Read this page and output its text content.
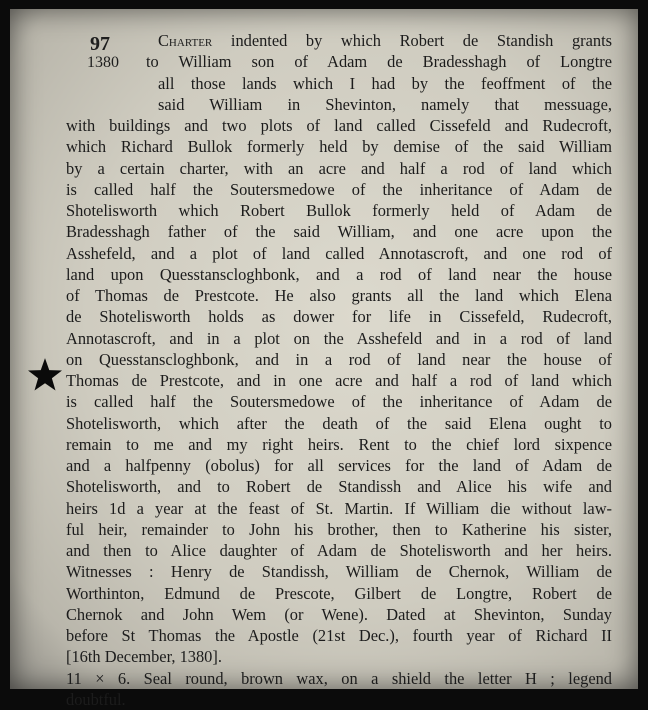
97
1380
Charter indented by which Robert de Standish grants
to William son of Adam de Bradesshagh of Longtre
all those lands which I had by the feoffment of the
said William in Shevinton, namely that messuage,
with buildings and two plots of land called Cissefeld and Rudecroft,
which Richard Bullok formerly held by demise of the said William
by a certain charter, with an acre and half a rod of land which
is called half the Soutersmedowe of the inheritance of Adam de
Shotelisworth which Robert Bullok formerly held of Adam de
Bradesshagh father of the said William, and one acre upon the
Asshefeld, and a plot of land called Annotascroft, and one rod of
land upon Quesstanscloghbonk, and a rod of land near the house
of Thomas de Prestcote. He also grants all the land which Elena
de Shotelisworth holds as dower for life in Cissefeld, Rudecroft,
Annotascroft, and in a plot on the Asshefeld and in a rod of land
on Quesstanscloghbonk, and in a rod of land near the house of
Thomas de Prestcote, and in one acre and half a rod of land which
is called half the Soutersmedowe of the inheritance of Adam de
Shotelisworth, which after the death of the said Elena ought to
remain to me and my right heirs. Rent to the chief lord sixpence
and a halfpenny (obolus) for all services for the land of Adam de
Shotelisworth, and to Robert de Standissh and Alice his wife and
heirs 1d a year at the feast of St. Martin. If William die without law-
ful heir, remainder to John his brother, then to Katherine his sister,
and then to Alice daughter of Adam de Shotelisworth and her heirs.
Witnesses : Henry de Standissh, William de Chernok, William de
Worthinton, Edmund de Prescote, Gilbert de Longtre, Robert de
Chernok and John Wem (or Wene). Dated at Shevinton, Sunday
before St Thomas the Apostle (21st Dec.), fourth year of Richard II
[16th December, 1380].
11 × 6. Seal round, brown wax, on a shield the letter H ; legend
doubtful.
